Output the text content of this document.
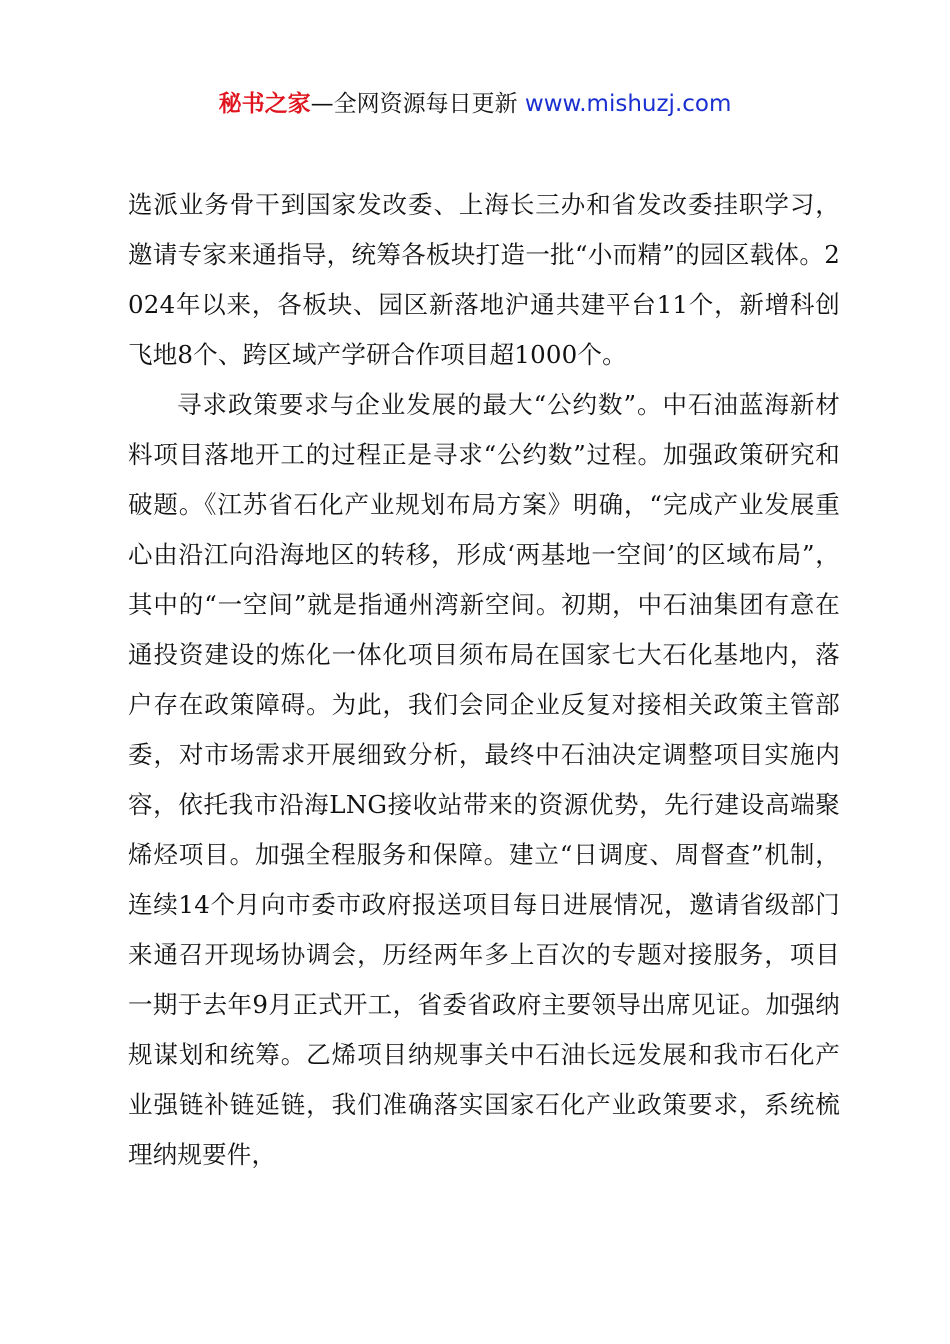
秘书之家—全网资源每日更新 www.mishuzj.com

选派业务骨干到国家发改委、上海长三办和省发改委挂职学习，邀请专家来通指导，统筹各板块打造一批“小而精”的园区载体。2024年以来，各板块、园区新落地沪通共建平台11个，新增科创飞地8个、跨区域产学研合作项目超1000个。

寻求政策要求与企业发展的最大“公约数”。中石油蓝海新材料项目落地开工的过程正是寻求“公约数”过程。加强政策研究和破题。《江苏省石化产业规划布局方案》明确，“完成产业发展重心由沿江向沿海地区的转移，形成‘两基地一空间’的区域布局”，其中的“一空间”就是指通州湾新空间。初期，中石油集团有意在通投资建设的炼化一体化项目须布局在国家七大石化基地内，落户存在政策障碍。为此，我们会同企业反复对接相关政策主管部委，对市场需求开展细致分析，最终中石油决定调整项目实施内容，依托我市沿海LNG接收站带来的资源优势，先行建设高端聚烯烃项目。加强全程服务和保障。建立“日调度、周督查”机制，连续14个月向市委市政府报送项目每日进展情况，邀请省级部门来通召开现场协调会，历经两年多上百次的专题对接服务，项目一期于去年9月正式开工，省委省政府主要领导出席见证。加强纳规谋划和统筹。乙烯项目纳规事关中石油长远发展和我市石化产业强链补链延链，我们准确落实国家石化产业政策要求，系统梳理纳规要件，
